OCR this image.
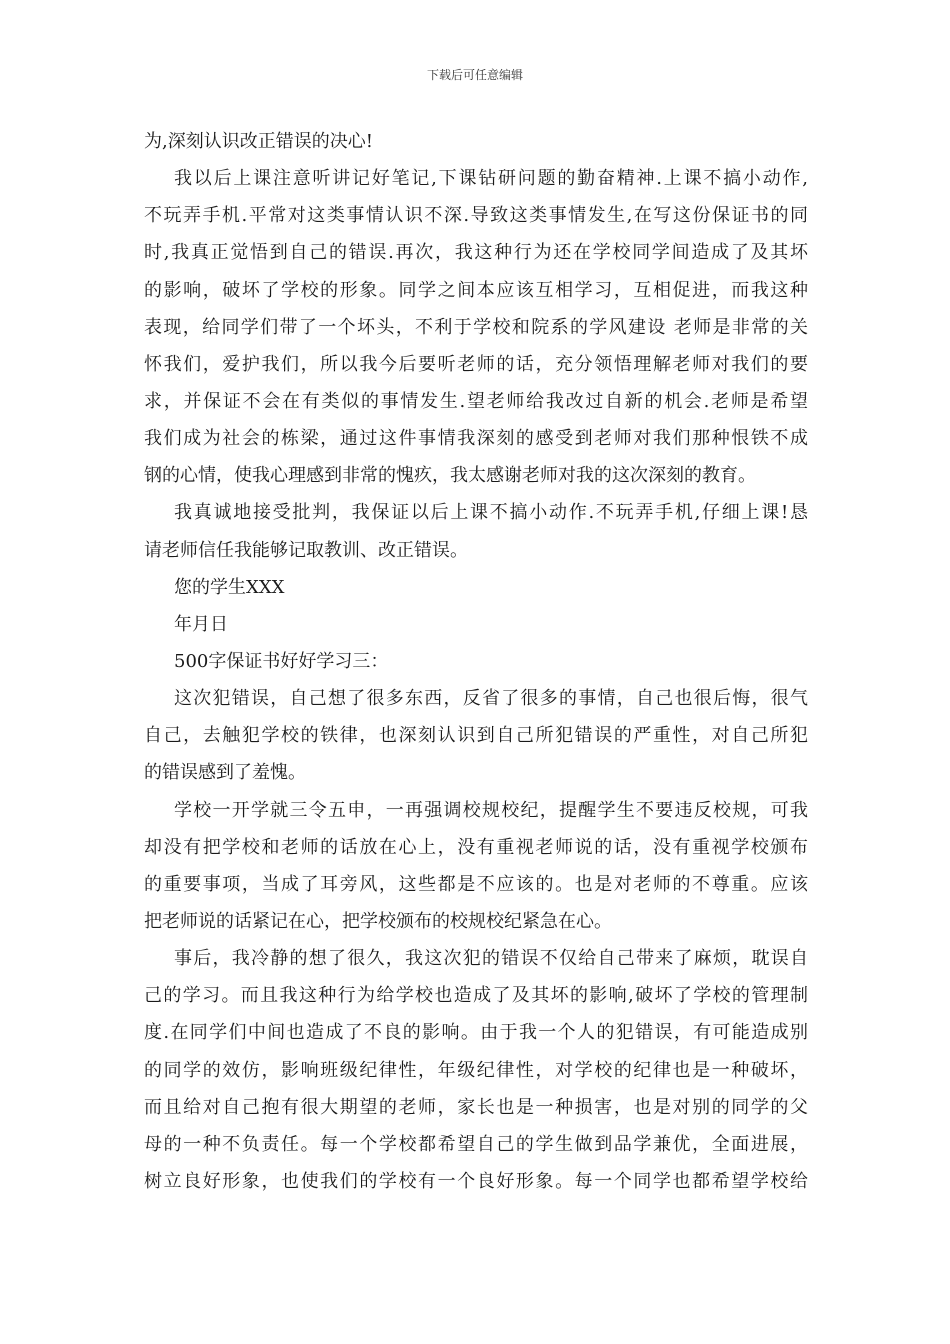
下载后可任意编辑
为,深刻认识改正错误的决心!
我以后上课注意听讲记好笔记,下课钻研问题的勤奋精神.上课不搞小动作,
不玩弄手机.平常对这类事情认识不深.导致这类事情发生,在写这份保证书的同
时,我真正觉悟到自己的错误.再次，我这种行为还在学校同学间造成了及其坏
的影响，破坏了学校的形象。同学之间本应该互相学习，互相促进，而我这种
表现，给同学们带了一个坏头，不利于学校和院系的学风建设 老师是非常的关
怀我们，爱护我们，所以我今后要听老师的话，充分领悟理解老师对我们的要
求，并保证不会在有类似的事情发生.望老师给我改过自新的机会.老师是希望
我们成为社会的栋梁，通过这件事情我深刻的感受到老师对我们那种恨铁不成
钢的心情，使我心理感到非常的愧疚，我太感谢老师对我的这次深刻的教育。
我真诚地接受批判，我保证以后上课不搞小动作.不玩弄手机,仔细上课!恳
请老师信任我能够记取教训、改正错误。
您的学生XXX
年月日
500字保证书好好学习三：
这次犯错误，自己想了很多东西，反省了很多的事情，自己也很后悔，很气
自己，去触犯学校的铁律，也深刻认识到自己所犯错误的严重性，对自己所犯
的错误感到了羞愧。
学校一开学就三令五申，一再强调校规校纪，提醒学生不要违反校规，可我
却没有把学校和老师的话放在心上，没有重视老师说的话，没有重视学校颁布
的重要事项，当成了耳旁风，这些都是不应该的。也是对老师的不尊重。应该
把老师说的话紧记在心，把学校颁布的校规校纪紧急在心。
事后，我冷静的想了很久，我这次犯的错误不仅给自己带来了麻烦，耽误自
己的学习。而且我这种行为给学校也造成了及其坏的影响,破坏了学校的管理制
度.在同学们中间也造成了不良的影响。由于我一个人的犯错误，有可能造成别
的同学的效仿，影响班级纪律性，年级纪律性，对学校的纪律也是一种破坏，
而且给对自己抱有很大期望的老师，家长也是一种损害，也是对别的同学的父
母的一种不负责任。每一个学校都希望自己的学生做到品学兼优，全面进展，
树立良好形象，也使我们的学校有一个良好形象。每一个同学也都希望学校给
